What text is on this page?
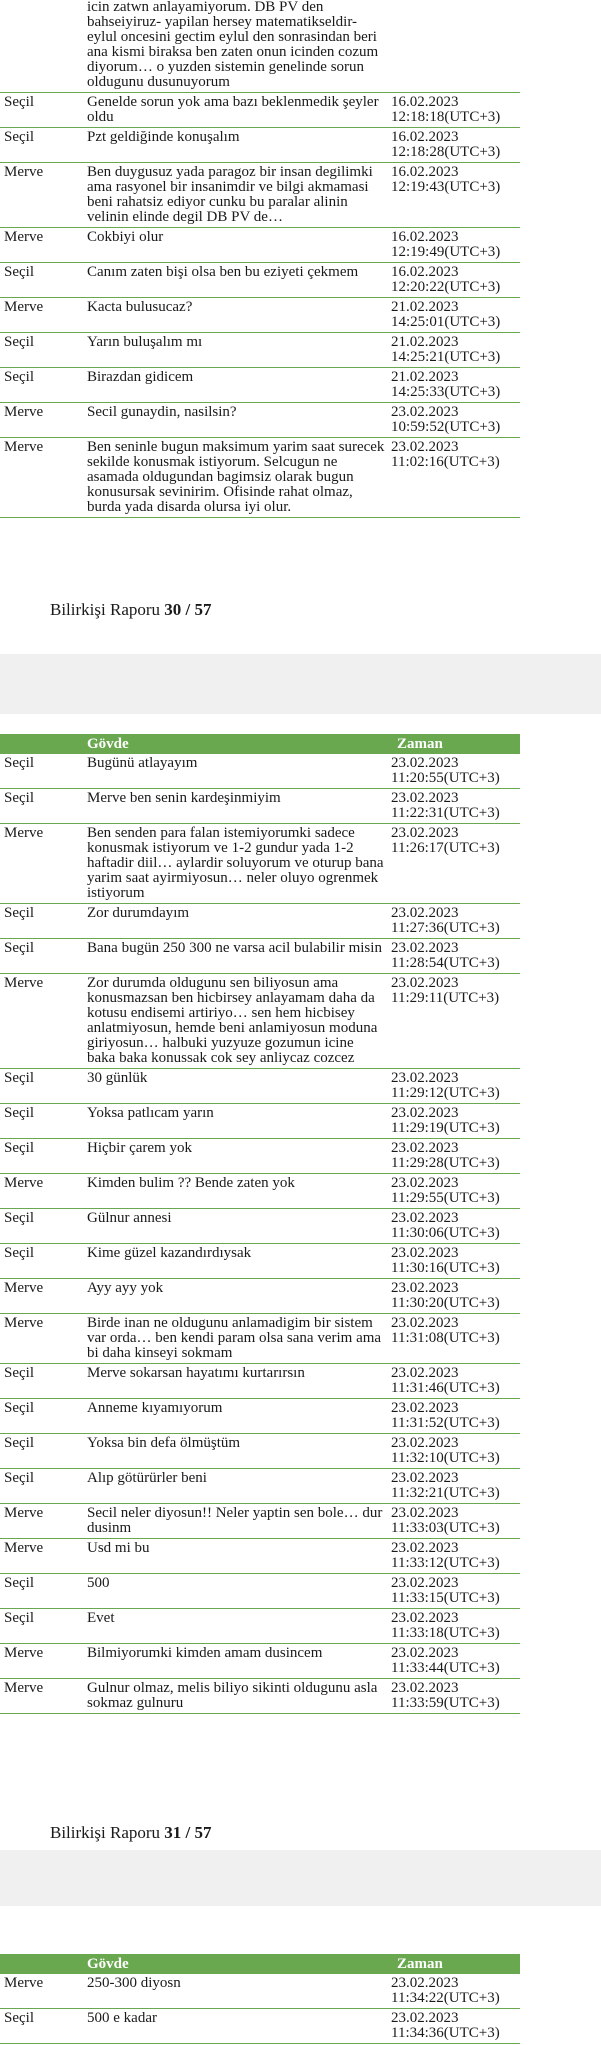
icin zatwn anlayamiyorum. DB PV den
bahseiyiruz- yapilan hersey matematikseldir-
eylul oncesini gectim eylul den sonrasindan beri
ana kismi biraksa ben zaten onun icinden cozum
diyorum… o yuzden sistemin genelinde sorun
oldugunu dusunuyorum
Seçil	Genelde sorun yok ama bazı beklenmedik şeyler
oldu
16.02.2023
12:18:18(UTC+3)
Seçil	Pzt geldiğinde konuşalım	16.02.2023
12:18:28(UTC+3)
Merve	Ben duygusuz yada paragoz bir insan degilimki
ama rasyonel bir insanimdir ve bilgi akmamasi
beni rahatsiz ediyor cunku bu paralar alinin
velinin elinde degil DB PV de…
16.02.2023
12:19:43(UTC+3)
Merve	Cokbiyi olur	16.02.2023
12:19:49(UTC+3)
Seçil	Canım zaten bişi olsa ben bu eziyeti çekmem	16.02.2023
12:20:22(UTC+3)
Merve	Kacta bulusucaz?	21.02.2023
14:25:01(UTC+3)
Seçil	Yarın buluşalım mı	21.02.2023
14:25:21(UTC+3)
Seçil	Birazdan gidicem	21.02.2023
14:25:33(UTC+3)
Merve	Secil gunaydin, nasilsin?	23.02.2023
10:59:52(UTC+3)
Merve	Ben seninle bugun maksimum yarim saat surecek
sekilde konusmak istiyorum. Selcugun ne
asamada oldugundan bagimsiz olarak bugun
konusursak sevinirim. Ofisinde rahat olmaz,
burda yada disarda olursa iyi olur.
23.02.2023
11:02:16(UTC+3)
Bilirkişi Raporu 30 / 57
Gövde	Zaman
Seçil	Bugünü atlayayım	23.02.2023
11:20:55(UTC+3)
Seçil	Merve ben senin kardeşinmiyim	23.02.2023
11:22:31(UTC+3)
Merve	Ben senden para falan istemiyorumki sadece
konusmak istiyorum ve 1-2 gundur yada 1-2
haftadir diil… aylardir soluyorum ve oturup bana
yarim saat ayirmiyosun… neler oluyo ogrenmek
istiyorum
23.02.2023
11:26:17(UTC+3)
Seçil	Zor durumdayım	23.02.2023
11:27:36(UTC+3)
Seçil	Bana bugün 250 300 ne varsa acil bulabilir misin 23.02.2023
11:28:54(UTC+3)
Merve	Zor durumda oldugunu sen biliyosun ama
konusmazsan ben hicbirsey anlayamam daha da
kotusu endisemi artiriyo… sen hem hicbisey
anlatmiyosun, hemde beni anlamiyosun moduna
giriyosun… halbuki yuzyuze gozumun icine
baka baka konussak cok sey anliycaz cozcez
23.02.2023
11:29:11(UTC+3)
Seçil	30 günlük	23.02.2023
11:29:12(UTC+3)
Seçil	Yoksa patlıcam yarın	23.02.2023
11:29:19(UTC+3)
Seçil	Hiçbir çarem yok	23.02.2023
11:29:28(UTC+3)
Merve	Kimden bulim ?? Bende zaten yok	23.02.2023
11:29:55(UTC+3)
Seçil	Gülnur annesi	23.02.2023
11:30:06(UTC+3)
Seçil	Kime güzel kazandırdıysak	23.02.2023
11:30:16(UTC+3)
Merve	Ayy ayy yok	23.02.2023
11:30:20(UTC+3)
Merve	Birde inan ne oldugunu anlamadigim bir sistem
var orda… ben kendi param olsa sana verim ama
bi daha kinseyi sokmam
23.02.2023
11:31:08(UTC+3)
Seçil	Merve sokarsan hayatımı kurtarırsın	23.02.2023
11:31:46(UTC+3)
Seçil	Anneme kıyamıyorum	23.02.2023
11:31:52(UTC+3)
Seçil	Yoksa bin defa ölmüştüm	23.02.2023
11:32:10(UTC+3)
Seçil	Alıp götürürler beni	23.02.2023
11:32:21(UTC+3)
Merve	Secil neler diyosun!! Neler yaptin sen bole… dur
dusinm
23.02.2023
11:33:03(UTC+3)
Merve	Usd mi bu	23.02.2023
11:33:12(UTC+3)
Seçil	500	23.02.2023
11:33:15(UTC+3)
Seçil	Evet	23.02.2023
11:33:18(UTC+3)
Merve	Bilmiyorumki kimden amam dusincem	23.02.2023
11:33:44(UTC+3)
Merve	Gulnur olmaz, melis biliyo sikinti oldugunu asla
sokmaz gulnuru
23.02.2023
11:33:59(UTC+3)
Bilirkişi Raporu 31 / 57
Gövde	Zaman
Merve	250-300 diyosn	23.02.2023
11:34:22(UTC+3)
Seçil	500 e kadar	23.02.2023
11:34:36(UTC+3)
